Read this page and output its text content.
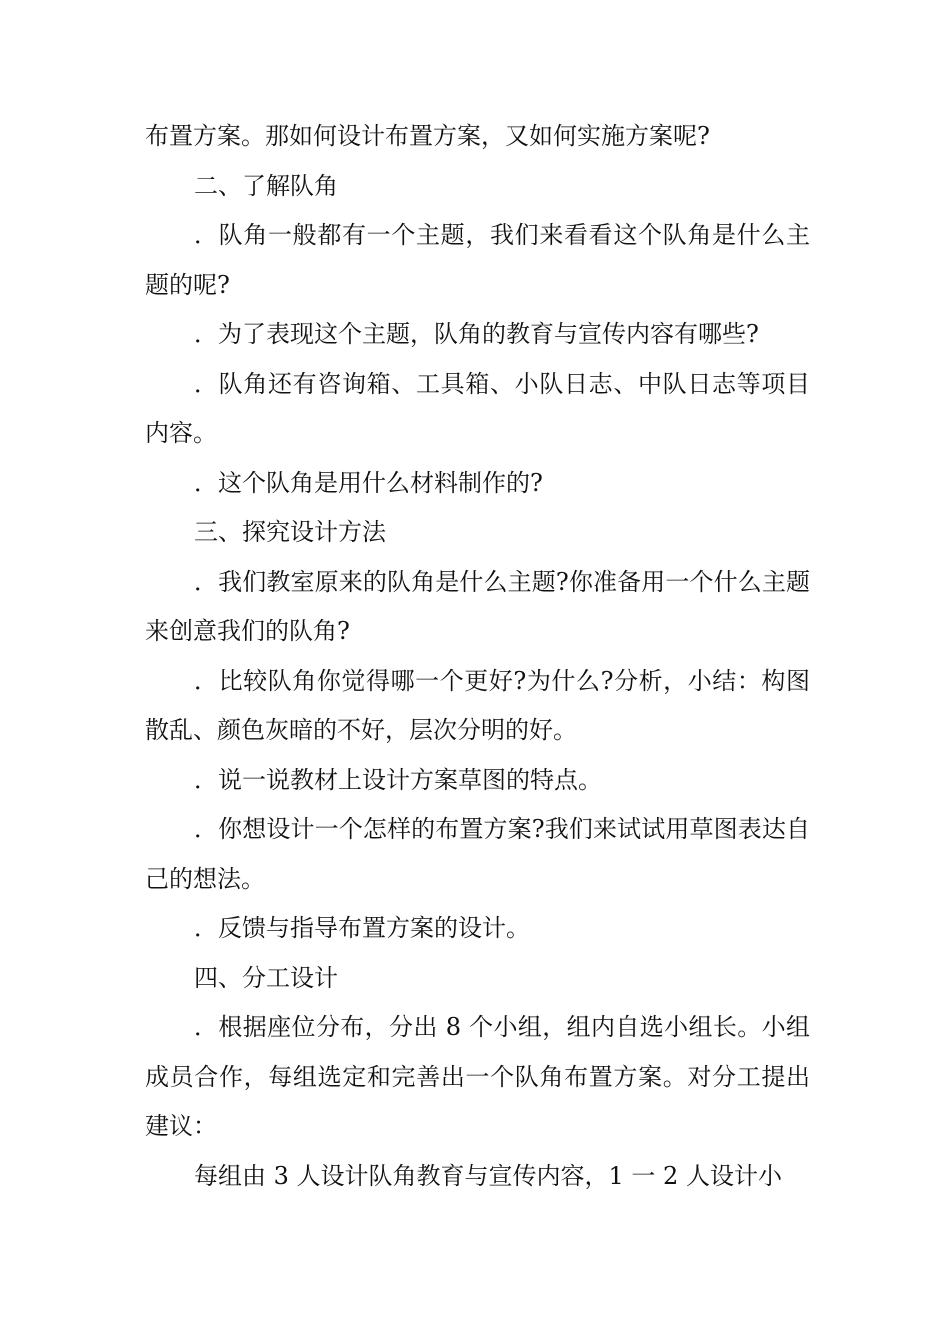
布置方案。那如何设计布置方案，又如何实施方案呢?

二、了解队角

．队角一般都有一个主题，我们来看看这个队角是什么主题的呢?

．为了表现这个主题，队角的教育与宣传内容有哪些?

．队角还有咨询箱、工具箱、小队日志、中队日志等项目内容。

．这个队角是用什么材料制作的?

三、探究设计方法

．我们教室原来的队角是什么主题?你准备用一个什么主题来创意我们的队角?

．比较队角你觉得哪一个更好?为什么?分析，小结：构图散乱、颜色灰暗的不好，层次分明的好。

．说一说教材上设计方案草图的特点。

．你想设计一个怎样的布置方案?我们来试试用草图表达自己的想法。

．反馈与指导布置方案的设计。

四、分工设计

．根据座位分布，分出 8 个小组，组内自选小组长。小组成员合作，每组选定和完善出一个队角布置方案。对分工提出建议：

每组由 3 人设计队角教育与宣传内容，1 一 2 人设计小
